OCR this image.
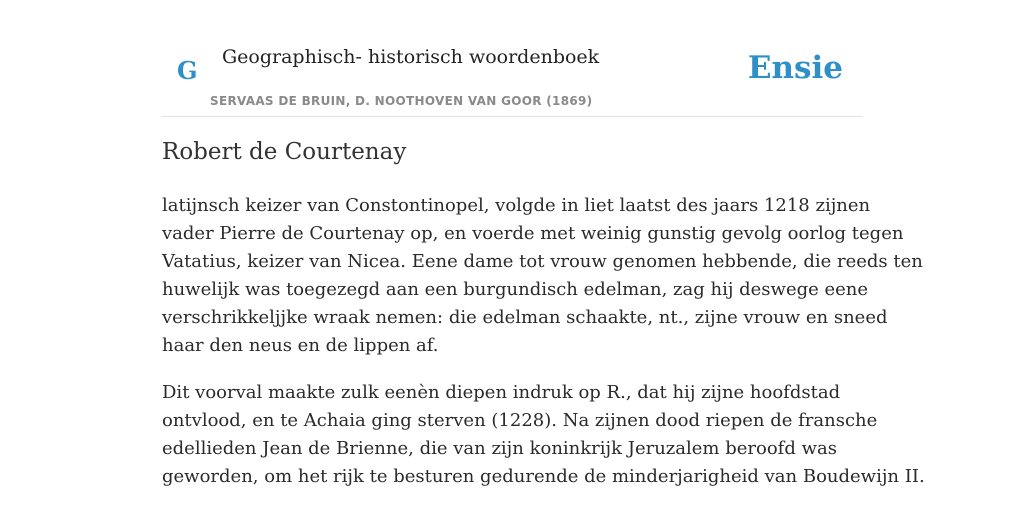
G Geographisch- historisch woordenboek
SERVAAS DE BRUIN, D. NOOTHOVEN VAN GOOR (1869)
Ensie
Robert de Courtenay

latijnsch keizer van Constontinopel, volgde in liet laatst des jaars 1218 zijnen
vader Pierre de Courtenay op, en voerde met weinig gunstig gevolg oorlog tegen
Vatatius, keizer van Nicea. Eene dame tot vrouw genomen hebbende, die reeds ten
huwelijk was toegezegd aan een burgundisch edelman, zag hij deswege eene
verschrikkeljjke wraak nemen: die edelman schaakte, nt., zijne vrouw en sneed
haar den neus en de lippen af.

Dit voorval maakte zulk eenèn diepen indruk op R., dat hij zijne hoofdstad
ontvlood, en te Achaia ging sterven (1228). Na zijnen dood riepen de fransche
edellieden Jean de Brienne, die van zijn koninkrijk Jeruzalem beroofd was
geworden, om het rijk te besturen gedurende de minderjarigheid van Boudewijn II.
